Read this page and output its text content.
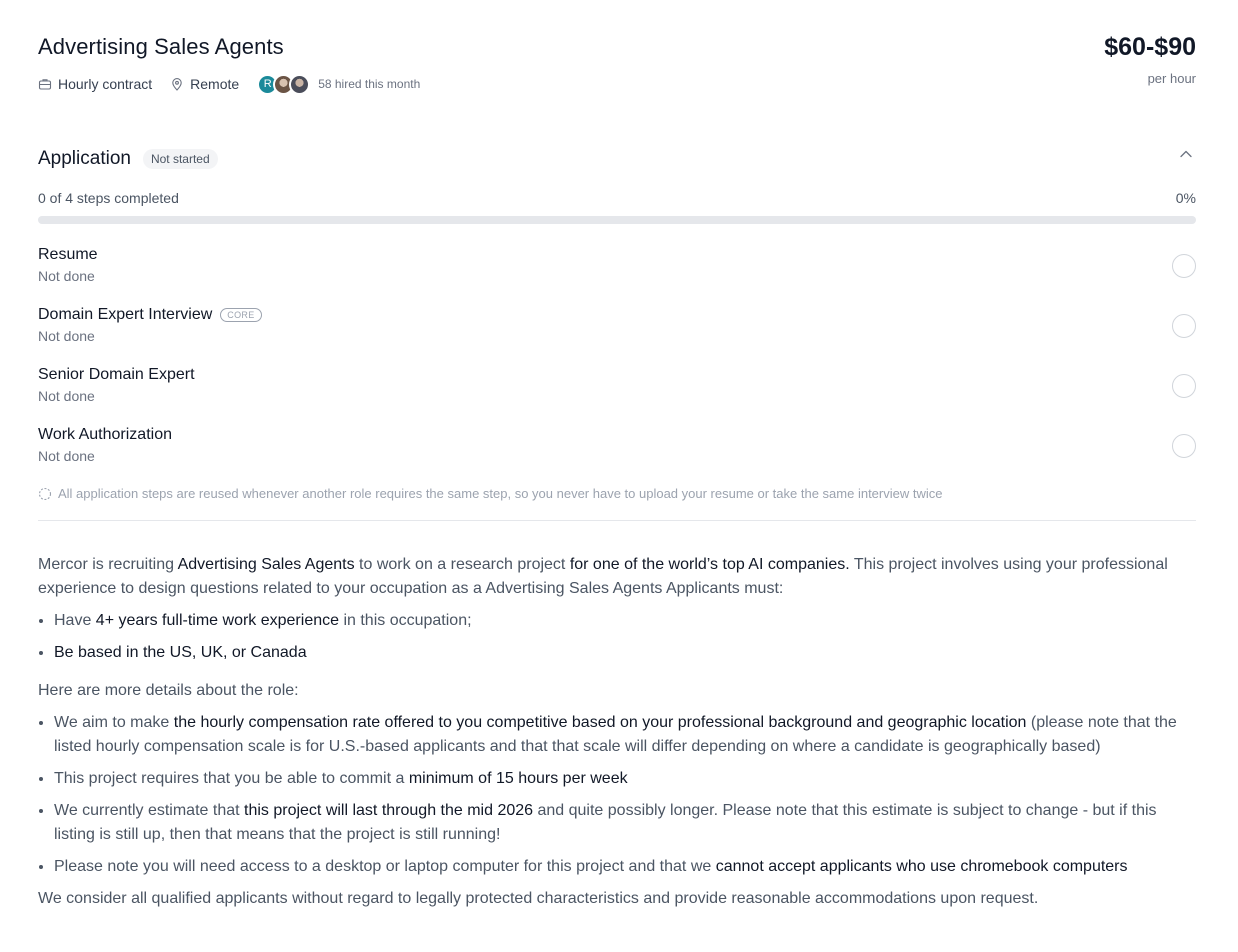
Advertising Sales Agents
Hourly contract	Remote	R	58 hired this month
$60-$90
per hour
Application	Not started
0 of 4 steps completed	0%
Resume
Not done
Domain Expert Interview	CORE
Not done
Senior Domain Expert
Not done
Work Authorization
Not done
All application steps are reused whenever another role requires the same step, so you never have to upload your resume or take the same interview twice

Mercor is recruiting Advertising Sales Agents to work on a research project for one of the world’s top AI companies. This project involves using your professional experience to design questions related to your occupation as a Advertising Sales Agents Applicants must:

• Have 4+ years full-time work experience in this occupation;
• Be based in the US, UK, or Canada

Here are more details about the role:

• We aim to make the hourly compensation rate offered to you competitive based on your professional background and geographic location (please note that the listed hourly compensation scale is for U.S.-based applicants and that that scale will differ depending on where a candidate is geographically based)
• This project requires that you be able to commit a minimum of 15 hours per week
• We currently estimate that this project will last through the mid 2026 and quite possibly longer. Please note that this estimate is subject to change - but if this listing is still up, then that means that the project is still running!
• Please note you will need access to a desktop or laptop computer for this project and that we cannot accept applicants who use chromebook computers

We consider all qualified applicants without regard to legally protected characteristics and provide reasonable accommodations upon request.
